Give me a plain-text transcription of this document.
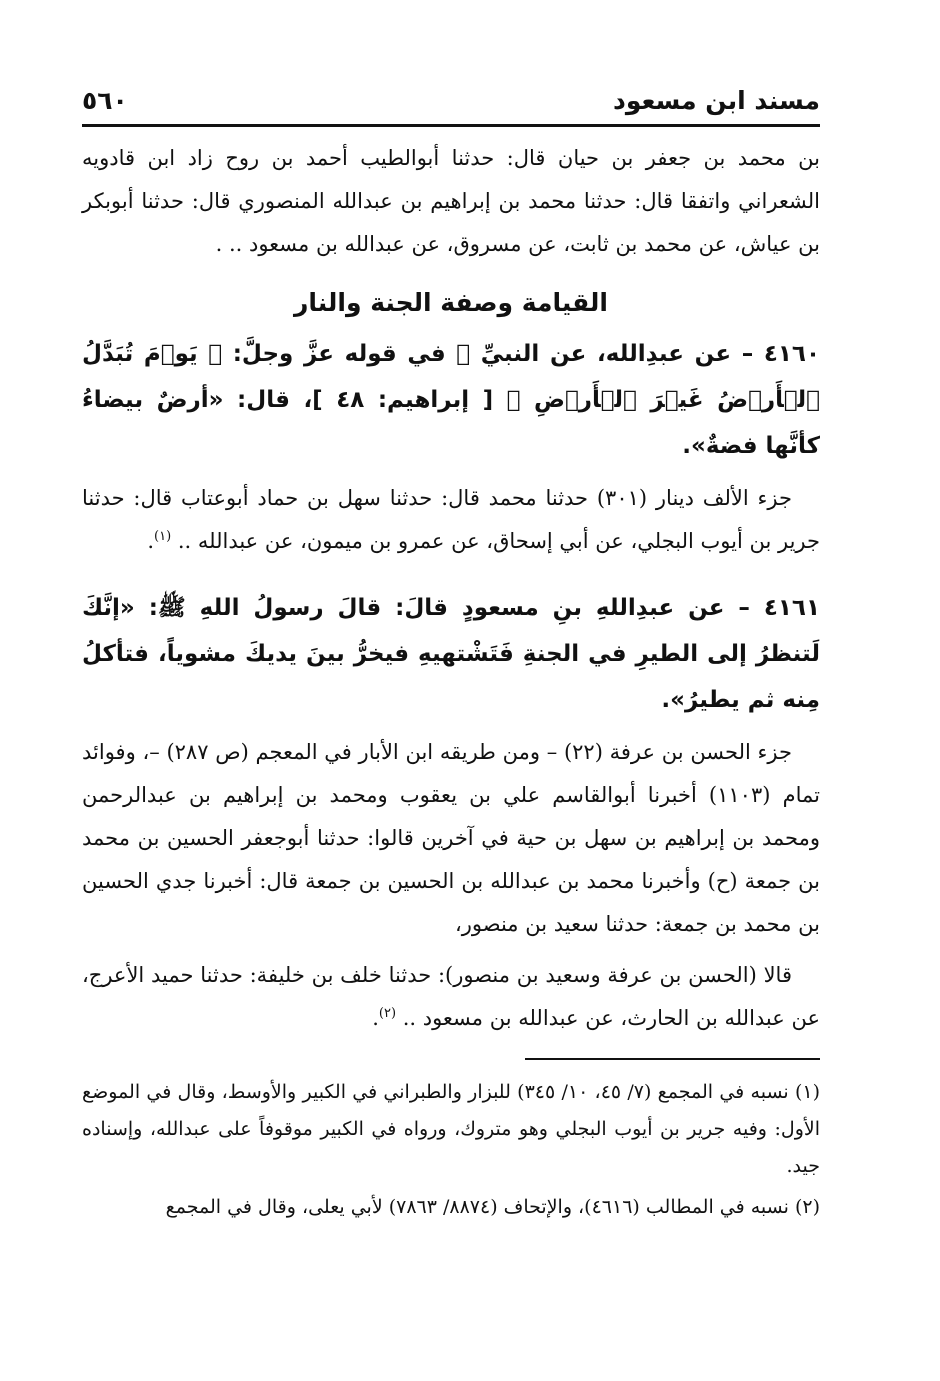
مسند ابن مسعود
٥٦٠

بن محمد بن جعفر بن حيان قال: حدثنا أبوالطيب أحمد بن روح زاد ابن قادويه الشعراني واتفقا قال: حدثنا محمد بن إبراهيم بن عبدالله المنصوري قال: حدثنا أبوبكر بن عياش، عن محمد بن ثابت، عن مسروق، عن عبدالله بن مسعود .. .

القيامة وصفة الجنة والنار

٤١٦٠ – عن عبدِالله، عن النبيِّ ﷺ في قوله عزَّ وجلَّ: ﴿ يَوۡمَ تُبَدَّلُ ٱلۡأَرۡضُ غَيۡرَ ٱلۡأَرۡضِ ﴾ [ إبراهيم: ٤٨ ]، قال: «أرضٌ بيضاءُ كأنَّها فضةٌ».

جزء الألف دينار (٣٠١) حدثنا محمد قال: حدثنا سهل بن حماد أبوعتاب قال: حدثنا جرير بن أيوب البجلي، عن أبي إسحاق، عن عمرو بن ميمون، عن عبدالله .. $^{(١)}$.

٤١٦١ – عن عبدِاللهِ بنِ مسعودٍ قالَ: قالَ رسولُ اللهِ ﷺ: «إنَّكَ لَتنظرُ إلى الطيرِ في الجنةِ فَتَشْتهيهِ فيخرُّ بينَ يديكَ مشوياً، فتأكلُ مِنه ثم يطيرُ».

جزء الحسن بن عرفة (٢٢) – ومن طريقه ابن الأبار في المعجم (ص ٢٨٧) –، وفوائد تمام (١١٠٣) أخبرنا أبوالقاسم علي بن يعقوب ومحمد بن إبراهيم بن عبدالرحمن ومحمد بن إبراهيم بن سهل بن حية في آخرين قالوا: حدثنا أبوجعفر الحسين بن محمد بن جمعة (ح) وأخبرنا محمد بن عبدالله بن الحسين بن جمعة قال: أخبرنا جدي الحسين بن محمد بن جمعة: حدثنا سعيد بن منصور،

قالا (الحسن بن عرفة وسعيد بن منصور): حدثنا خلف بن خليفة: حدثنا حميد الأعرج، عن عبدالله بن الحارث، عن عبدالله بن مسعود .. $^{(٢)}$.

(١) نسبه في المجمع (٧/ ٤٥، ١٠/ ٣٤٥) للبزار والطبراني في الكبير والأوسط، وقال في الموضع الأول: وفيه جرير بن أيوب البجلي وهو متروك، ورواه في الكبير موقوفاً على عبدالله، وإسناده جيد.

(٢) نسبه في المطالب (٤٦١٦)، والإتحاف (٨٨٧٤/ ٧٨٦٣) لأبي يعلى، وقال في المجمع
